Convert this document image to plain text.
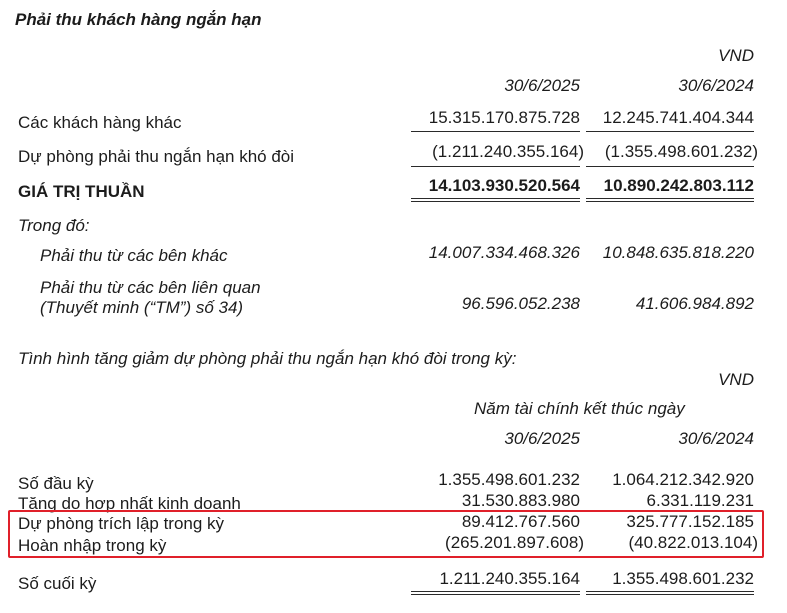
Phải thu khách hàng ngắn hạn
VND
30/6/2025	30/6/2024
Các khách hàng khác	15.315.170.875.728 12.245.741.404.344
Dự phòng phải thu ngắn hạn khó đòi	(1.211.240.355.164) (1.355.498.601.232)
GIÁ TRỊ THUẦN	14.103.930.520.564 10.890.242.803.112
Trong đó:
Phải thu từ các bên khác	14.007.334.468.326 10.848.635.818.220
Phải thu từ các bên liên quan
(Thuyết minh (“TM”) số 34)	96.596.052.238	41.606.984.892
Tình hình tăng giảm dự phòng phải thu ngắn hạn khó đòi trong kỳ:
VND
Năm tài chính kết thúc ngày
30/6/2025	30/6/2024
Số đầu kỳ	1.355.498.601.232 1.064.212.342.920
Tăng do hợp nhất kinh doanh	31.530.883.980	6.331.119.231
Dự phòng trích lập trong kỳ	89.412.767.560	325.777.152.185
Hoàn nhập trong kỳ	(265.201.897.608)	(40.822.013.104)
Số cuối kỳ	1.211.240.355.164 1.355.498.601.232
